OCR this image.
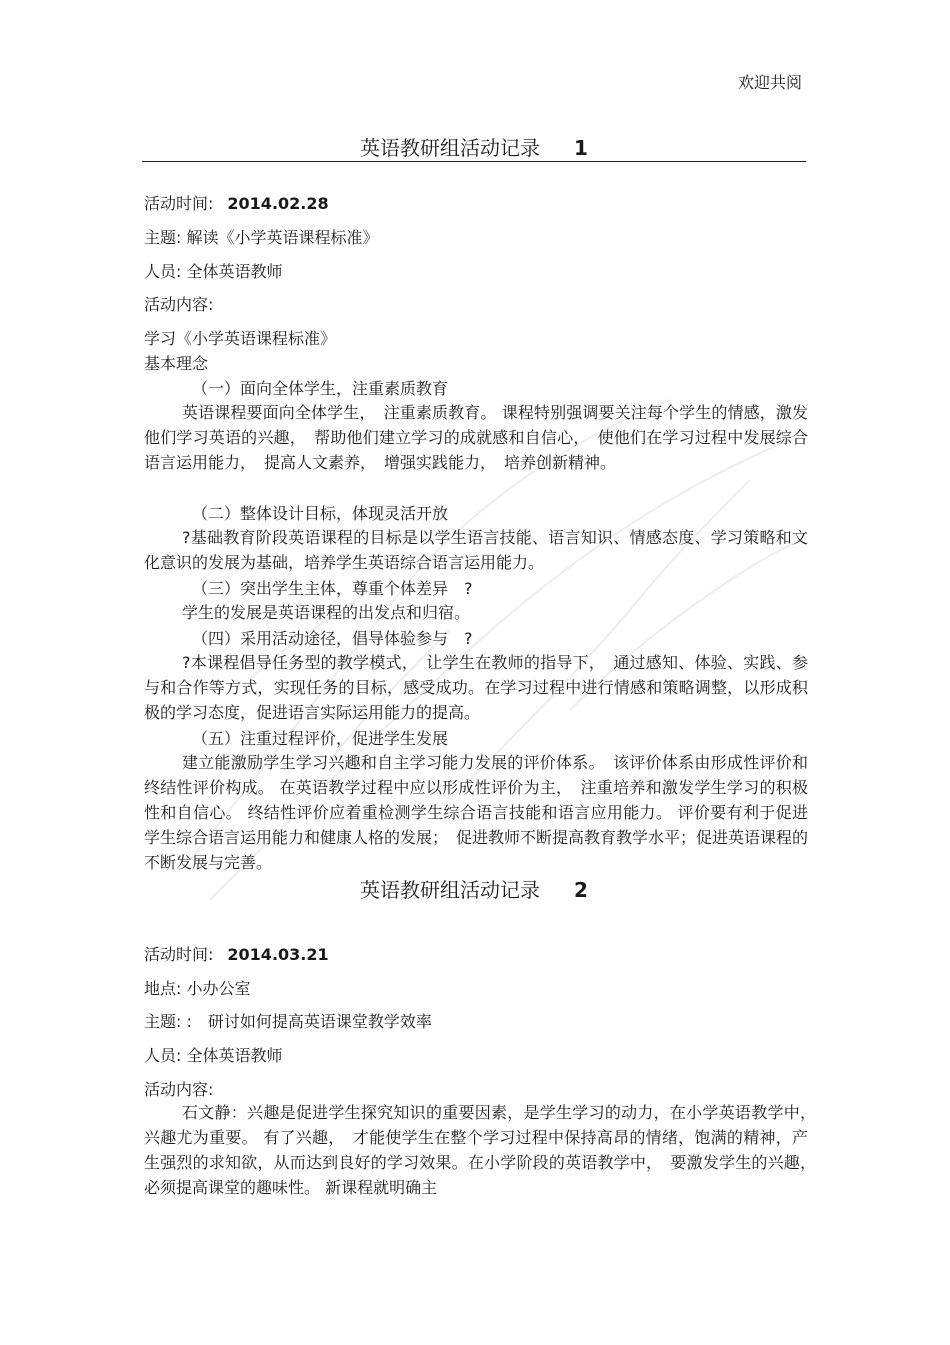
欢迎共阅
英语教研组活动记录 1
活动时间: 2014.02.28
主题: 解读《小学英语课程标准》
人员: 全体英语教师
活动内容:
学习《小学英语课程标准》
基本理念
（一）面向全体学生，注重素质教育

英语课程要面向全体学生，　注重素质教育。 课程特别强调要关注每个学生的情感，激发他们学习英语的兴趣，　帮助他们建立学习的成就感和自信心，　使他们在学习过程中发展综合语言运用能力，　提高人文素养，　增强实践能力，　培养创新精神。

（二）整体设计目标，体现灵活开放

?基础教育阶段英语课程的目标是以学生语言技能、语言知识、情感态度、学习策略和文化意识的发展为基础，培养学生英语综合语言运用能力。

（三）突出学生主体，尊重个体差异　?

学生的发展是英语课程的出发点和归宿。

（四）采用活动途径，倡导体验参与　?

?本课程倡导任务型的教学模式，　让学生在教师的指导下，　通过感知、体验、实践、参与和合作等方式，实现任务的目标，感受成功。在学习过程中进行情感和策略调整，以形成积极的学习态度，促进语言实际运用能力的提高。

（五）注重过程评价，促进学生发展

建立能激励学生学习兴趣和自主学习能力发展的评价体系。　该评价体系由形成性评价和终结性评价构成。 在英语教学过程中应以形成性评价为主，　注重培养和激发学生学习的积极性和自信心。 终结性评价应着重检测学生综合语言技能和语言应用能力。 评价要有利于促进学生综合语言运用能力和健康人格的发展；　促进教师不断提高教育教学水平；促进英语课程的不断发展与完善。

英语教研组活动记录 2
活动时间: 2014.03.21
地点: 小办公室
主题: :　研讨如何提高英语课堂教学效率
人员: 全体英语教师
活动内容:

石文静：兴趣是促进学生探究知识的重要因素，是学生学习的动力，在小学英语教学中，　兴趣尤为重要。 有了兴趣，　才能使学生在整个学习过程中保持高昂的情绪，饱满的精神，产生强烈的求知欲，从而达到良好的学习效果。在小学阶段的英语教学中，　要激发学生的兴趣，　必须提高课堂的趣味性。 新课程就明确主
